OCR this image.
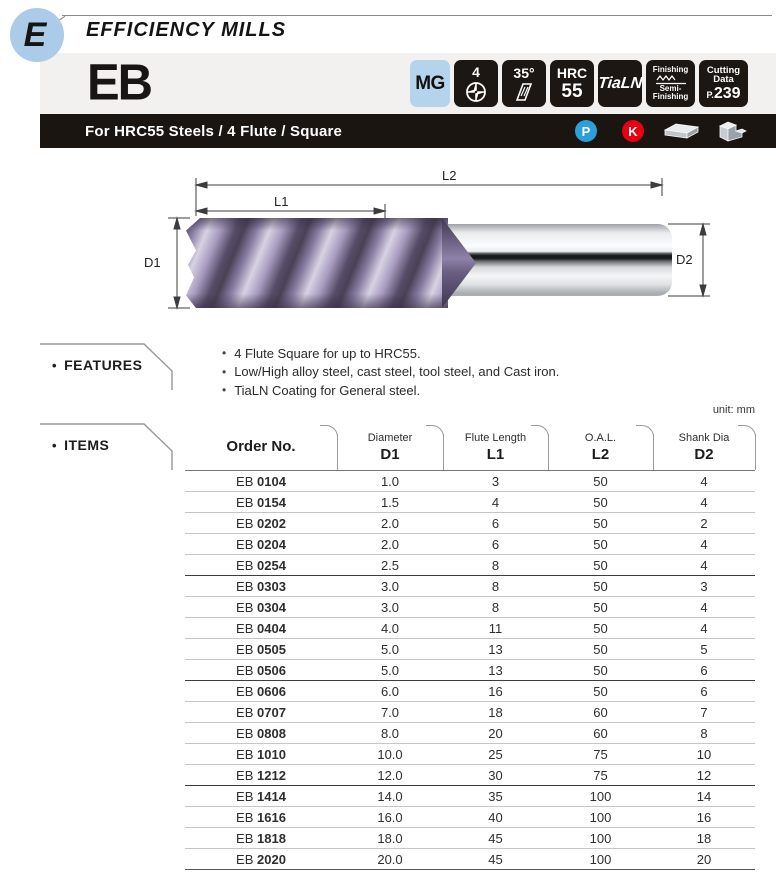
E EFFICIENCY MILLS
EB	MG
4 35° HRC
55 TiaLN
Finishing
Semi-
Finishing
Cutting
Data
P.239
For HRC55 Steels / 4 Flute / Square	P	K
L2
L1
D1	D2
• FEATURES
• 4 Flute Square for up to HRC55.
• Low/High alloy steel, cast steel, tool steel, and Cast iron.
• TiaLN Coating for General steel.
• ITEMS
unit: mm
Order No.	Diameter
D1
Flute Length
L1
O.A.L.
L2
Shank Dia
D2
EB 0104	1.0	3	50	4
EB 0154	1.5	4	50	4
EB 0202	2.0	6	50	2
EB 0204	2.0	6	50	4
EB 0254	2.5	8	50	4
EB 0303	3.0	8	50	3
EB 0304	3.0	8	50	4
EB 0404	4.0	11	50	4
EB 0505	5.0	13	50	5
EB 0506	5.0	13	50	6
EB 0606	6.0	16	50	6
EB 0707	7.0	18	60	7
EB 0808	8.0	20	60	8
EB 1010	10.0	25	75	10
EB 1212	12.0	30	75	12
EB 1414	14.0	35	100	14
EB 1616	16.0	40	100	16
EB 1818	18.0	45	100	18
EB 2020	20.0	45	100	20
